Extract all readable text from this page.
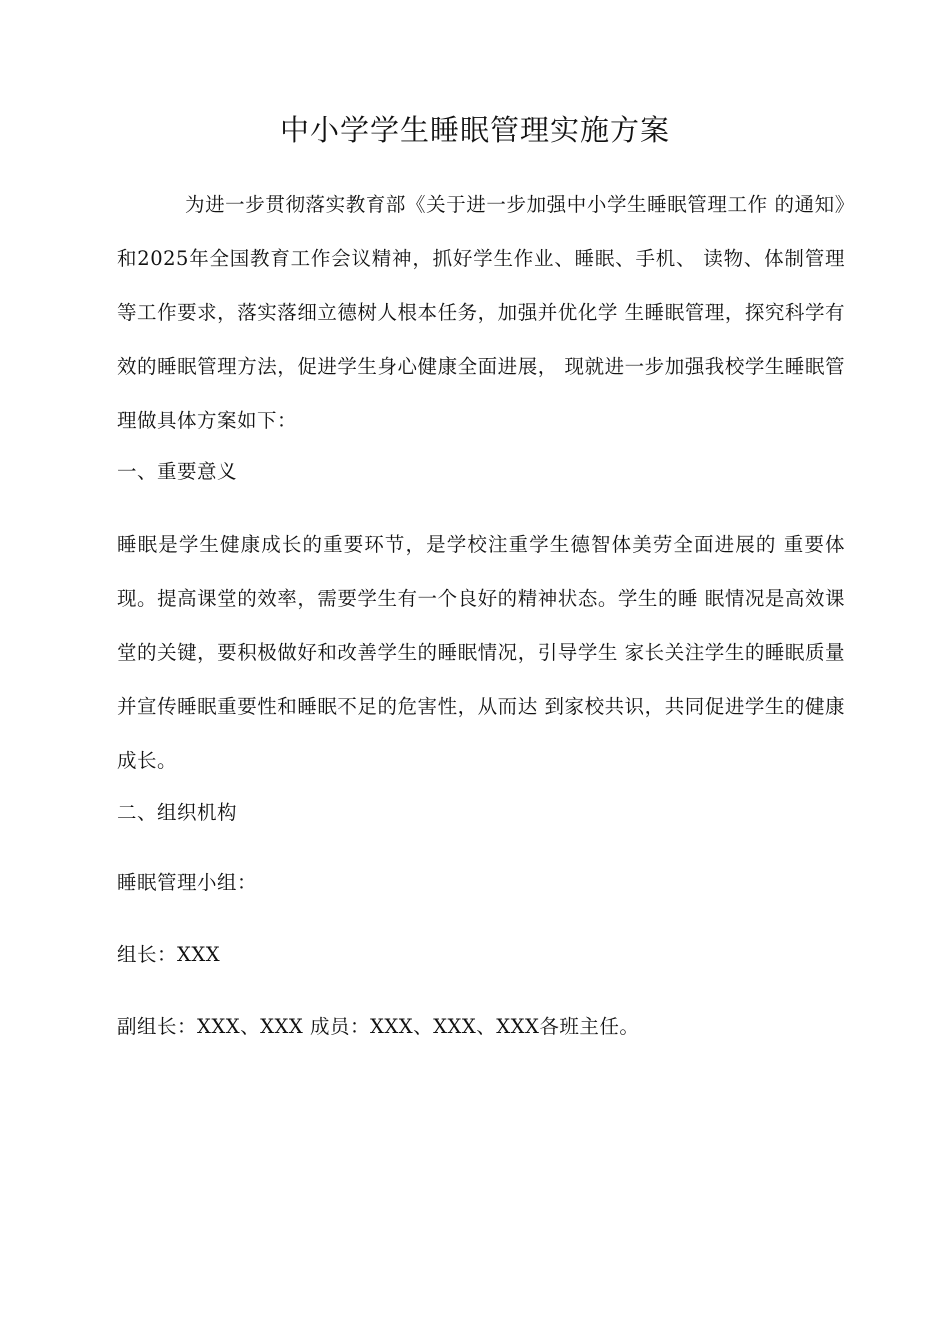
中小学学生睡眠管理实施方案

为进一步贯彻落实教育部《关于进一步加强中小学生睡眠管理工作 的通知》和2025年全国教育工作会议精神，抓好学生作业、睡眠、手机、 读物、体制管理等工作要求，落实落细立德树人根本任务，加强并优化学 生睡眠管理，探究科学有效的睡眠管理方法，促进学生身心健康全面进展， 现就进一步加强我校学生睡眠管理做具体方案如下：

一、重要意义

睡眠是学生健康成长的重要环节，是学校注重学生德智体美劳全面进展的 重要体现。提高课堂的效率，需要学生有一个良好的精神状态。学生的睡 眠情况是高效课堂的关键，要积极做好和改善学生的睡眠情况，引导学生 家长关注学生的睡眠质量并宣传睡眠重要性和睡眠不足的危害性，从而达 到家校共识，共同促进学生的健康成长。

二、组织机构

睡眠管理小组：

组长：XXX

副组长：XXX、XXX 成员：XXX、XXX、XXX各班主任。
